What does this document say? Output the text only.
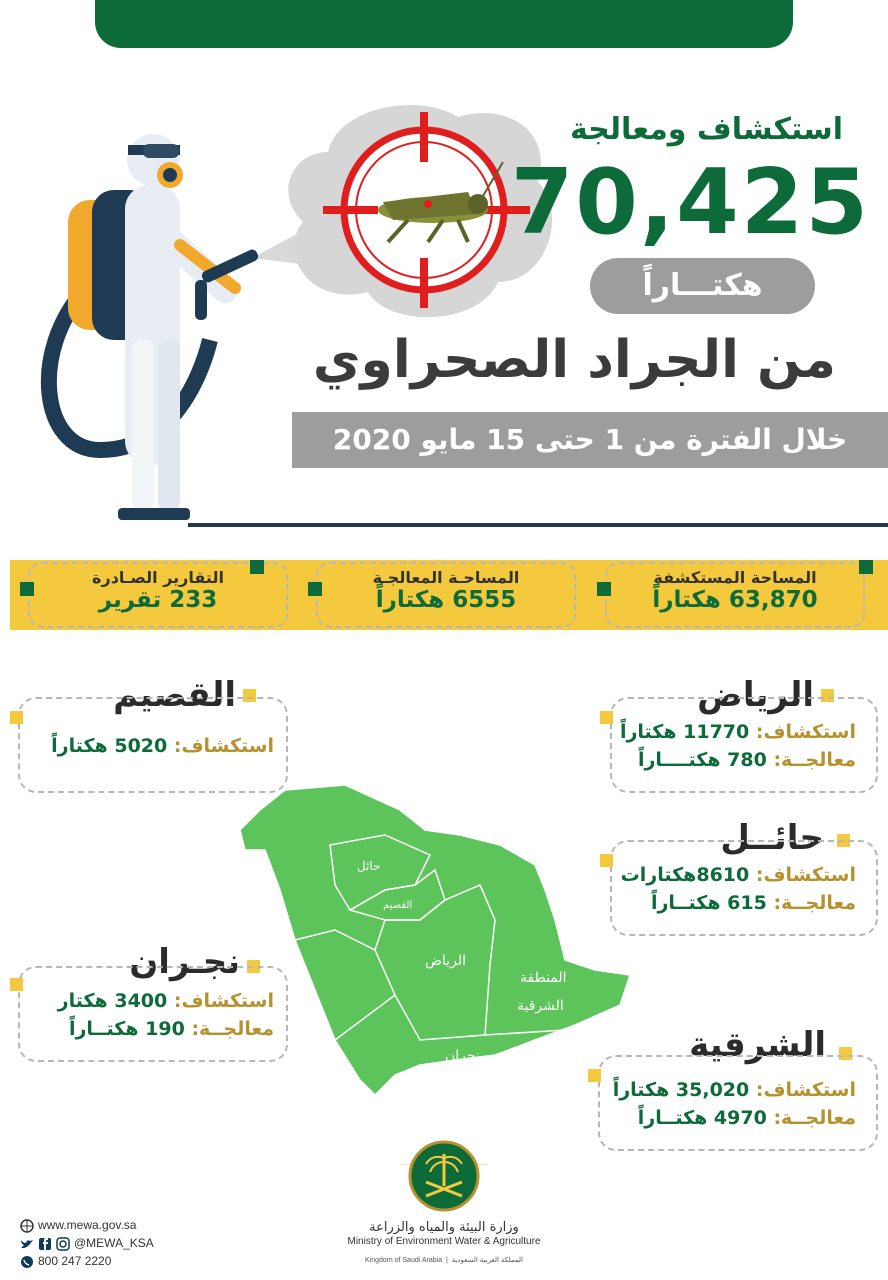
استكشاف ومعالجة
70,425
هكتـــاراً
من الجراد الصحراوي
خلال الفترة من 1 حتى 15 مايو 2020
المساحة المستكشفة
63,870 هكتاراً
المساحـة المعالجـة
6555 هكتاراً
التقارير الصـادرة
233 تقرير
حائل
القصيم
الرياض
المنطقة
الشرقية
نجران
الرياض
استكشاف: 11770 هكتاراً
معالجــة: 780 هكتــــاراً
حائــل
استكشاف: 8610هكتارات
معالجــة: 615 هكتــاراً
الشرقية
استكشاف: 35,020 هكتاراً
معالجــة: 4970 هكتــاراً
القصيم
استكشاف: 5020 هكتاراً
نجـران
استكشاف: 3400 هكتار
معالجــة: 190 هكتــاراً
www.mewa.gov.sa
@MEWA_KSA
800 247 2220
وزارة البيئة والمياه والزراعة
Ministry of Environment Water & Agriculture
Kingdom of Saudi Arabia  |  المملكة العربية السعودية
